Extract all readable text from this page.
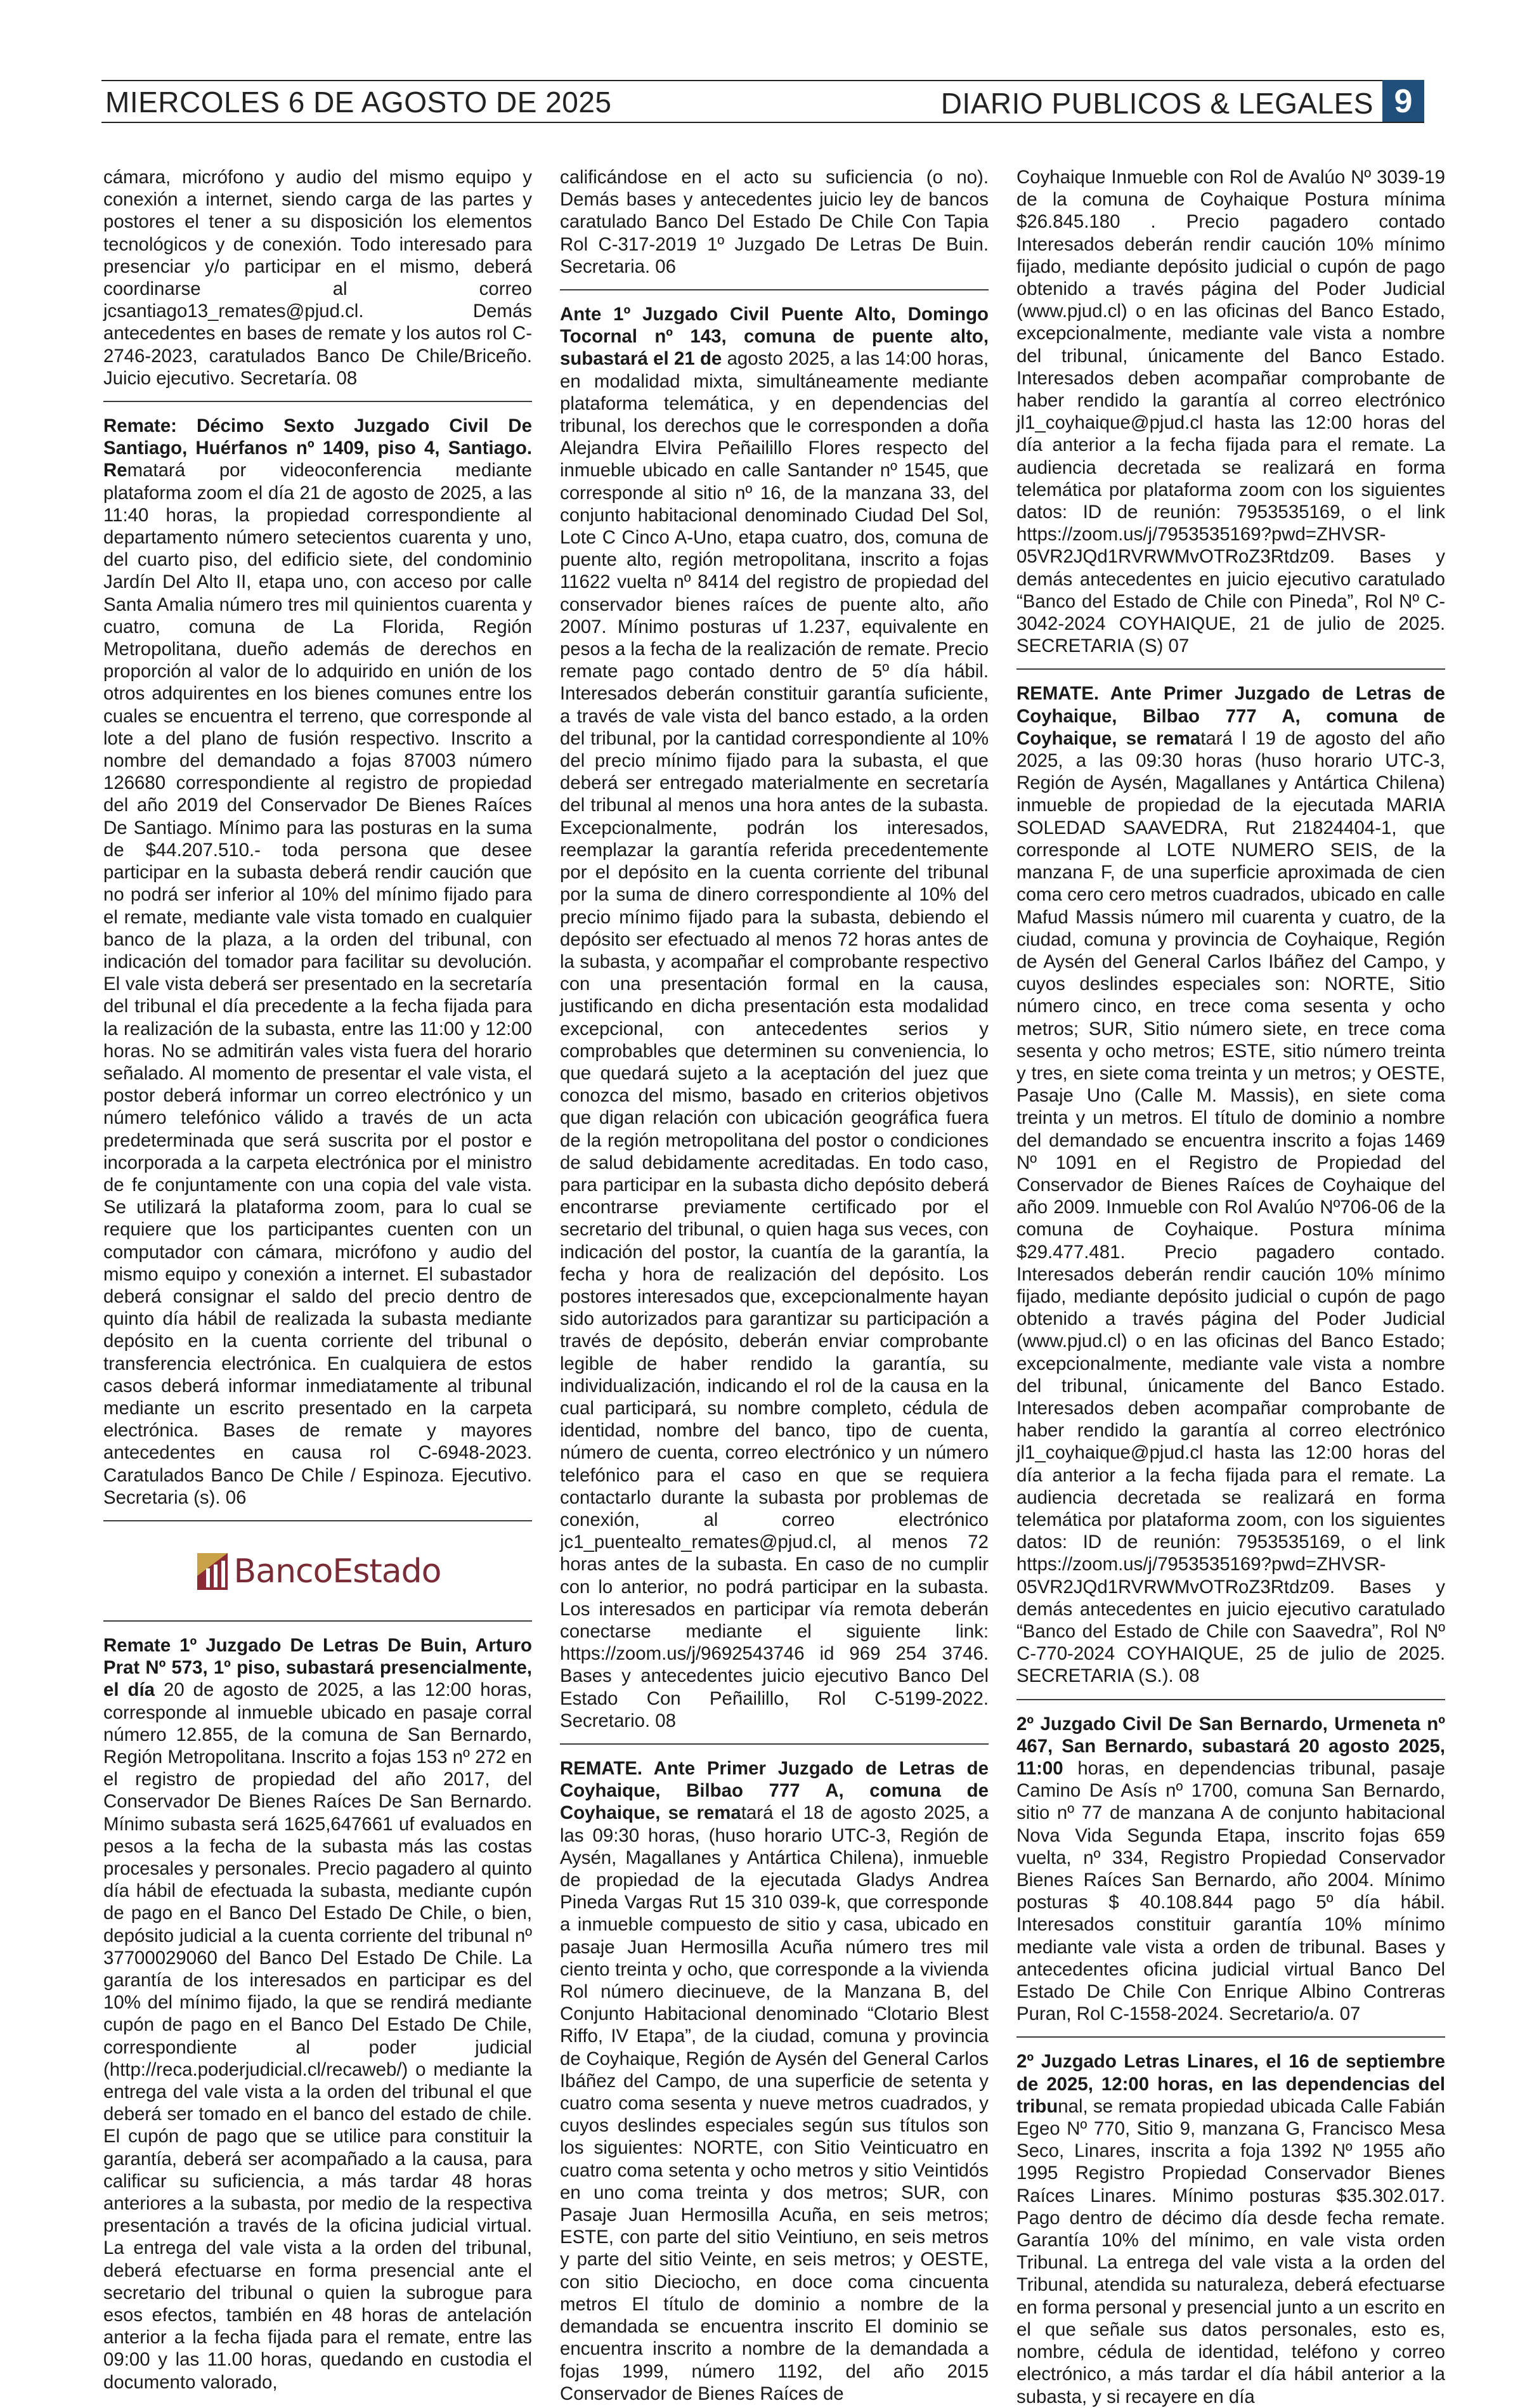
MIERCOLES 6 DE AGOSTO DE 2025	DIARIO PUBLICOS & LEGALES 9

cámara, micrófono y audio del mismo equipo y conexión a internet, siendo carga de las partes y postores el tener a su disposición los elementos tecnológicos y de conexión. Todo interesado para presenciar y/o participar en el mismo, deberá coordinarse al correo jcsantiago13_remates@pjud.cl. Demás antecedentes en bases de remate y los autos rol C-2746-2023, caratulados Banco De Chile/Briceño. Juicio ejecutivo. Secretaría. 08

Remate: Décimo Sexto Juzgado Civil De Santiago, Huérfanos nº 1409, piso 4, Santiago. Rematará por videoconferencia mediante plataforma zoom el día 21 de agosto de 2025, a las 11:40 horas, la propiedad correspondiente al departamento número setecientos cuarenta y uno, del cuarto piso, del edificio siete, del condominio Jardín Del Alto II, etapa uno, con acceso por calle Santa Amalia número tres mil quinientos cuarenta y cuatro, comuna de La Florida, Región Metropolitana, dueño además de derechos en proporción al valor de lo adquirido en unión de los otros adquirentes en los bienes comunes entre los cuales se encuentra el terreno, que corresponde al lote a del plano de fusión respectivo. Inscrito a nombre del demandado a fojas 87003 número 126680 correspondiente al registro de propiedad del año 2019 del Conservador De Bienes Raíces De Santiago. Mínimo para las posturas en la suma de $44.207.510.- toda persona que desee participar en la subasta deberá rendir caución que no podrá ser inferior al 10% del mínimo fijado para el remate, mediante vale vista tomado en cualquier banco de la plaza, a la orden del tribunal, con indicación del tomador para facilitar su devolución. El vale vista deberá ser presentado en la secretaría del tribunal el día precedente a la fecha fijada para la realización de la subasta, entre las 11:00 y 12:00 horas. No se admitirán vales vista fuera del horario señalado. Al momento de presentar el vale vista, el postor deberá informar un correo electrónico y un número telefónico válido a través de un acta predeterminada que será suscrita por el postor e incorporada a la carpeta electrónica por el ministro de fe conjuntamente con una copia del vale vista. Se utilizará la plataforma zoom, para lo cual se requiere que los participantes cuenten con un computador con cámara, micrófono y audio del mismo equipo y conexión a internet. El subastador deberá consignar el saldo del precio dentro de quinto día hábil de realizada la subasta mediante depósito en la cuenta corriente del tribunal o transferencia electrónica. En cualquiera de estos casos deberá informar inmediatamente al tribunal mediante un escrito presentado en la carpeta electrónica. Bases de remate y mayores antecedentes en causa rol C-6948-2023. Caratulados Banco De Chile / Espinoza. Ejecutivo. Secretaria (s). 06

BancoEstado

Remate 1º Juzgado De Letras De Buin, Arturo Prat Nº 573, 1º piso, subastará presencialmente, el día 20 de agosto de 2025, a las 12:00 horas, corresponde al inmueble ubicado en pasaje corral número 12.855, de la comuna de San Bernardo, Región Metropolitana. Inscrito a fojas 153 nº 272 en el registro de propiedad del año 2017, del Conservador De Bienes Raíces De San Bernardo. Mínimo subasta será 1625,647661 uf evaluados en pesos a la fecha de la subasta más las costas procesales y personales. Precio pagadero al quinto día hábil de efectuada la subasta, mediante cupón de pago en el Banco Del Estado De Chile, o bien, depósito judicial a la cuenta corriente del tribunal nº 37700029060 del Banco Del Estado De Chile. La garantía de los interesados en participar es del 10% del mínimo fijado, la que se rendirá mediante cupón de pago en el Banco Del Estado De Chile, correspondiente al poder judicial (http://reca.poderjudicial.cl/recaweb/) o mediante la entrega del vale vista a la orden del tribunal el que deberá ser tomado en el banco del estado de chile. El cupón de pago que se utilice para constituir la garantía, deberá ser acompañado a la causa, para calificar su suficiencia, a más tardar 48 horas anteriores a la subasta, por medio de la respectiva presentación a través de la oficina judicial virtual. La entrega del vale vista a la orden del tribunal, deberá efectuarse en forma presencial ante el secretario del tribunal o quien la subrogue para esos efectos, también en 48 horas de antelación anterior a la fecha fijada para el remate, entre las 09:00 y las 11.00 horas, quedando en custodia el documento valorado,

calificándose en el acto su suficiencia (o no). Demás bases y antecedentes juicio ley de bancos caratulado Banco Del Estado De Chile Con Tapia Rol C-317-2019 1º Juzgado De Letras De Buin. Secretaria. 06

Ante 1º Juzgado Civil Puente Alto, Domingo Tocornal nº 143, comuna de puente alto, subastará el 21 de agosto 2025, a las 14:00 horas, en modalidad mixta, simultáneamente mediante plataforma telemática, y en dependencias del tribunal, los derechos que le corresponden a doña Alejandra Elvira Peñailillo Flores respecto del inmueble ubicado en calle Santander nº 1545, que corresponde al sitio nº 16, de la manzana 33, del conjunto habitacional denominado Ciudad Del Sol, Lote C Cinco A-Uno, etapa cuatro, dos, comuna de puente alto, región metropolitana, inscrito a fojas 11622 vuelta nº 8414 del registro de propiedad del conservador bienes raíces de puente alto, año 2007. Mínimo posturas uf 1.237, equivalente en pesos a la fecha de la realización de remate. Precio remate pago contado dentro de 5º día hábil. Interesados deberán constituir garantía suficiente, a través de vale vista del banco estado, a la orden del tribunal, por la cantidad correspondiente al 10% del precio mínimo fijado para la subasta, el que deberá ser entregado materialmente en secretaría del tribunal al menos una hora antes de la subasta. Excepcionalmente, podrán los interesados, reemplazar la garantía referida precedentemente por el depósito en la cuenta corriente del tribunal por la suma de dinero correspondiente al 10% del precio mínimo fijado para la subasta, debiendo el depósito ser efectuado al menos 72 horas antes de la subasta, y acompañar el comprobante respectivo con una presentación formal en la causa, justificando en dicha presentación esta modalidad excepcional, con antecedentes serios y comprobables que determinen su conveniencia, lo que quedará sujeto a la aceptación del juez que conozca del mismo, basado en criterios objetivos que digan relación con ubicación geográfica fuera de la región metropolitana del postor o condiciones de salud debidamente acreditadas. En todo caso, para participar en la subasta dicho depósito deberá encontrarse previamente certificado por el secretario del tribunal, o quien haga sus veces, con indicación del postor, la cuantía de la garantía, la fecha y hora de realización del depósito. Los postores interesados que, excepcionalmente hayan sido autorizados para garantizar su participación a través de depósito, deberán enviar comprobante legible de haber rendido la garantía, su individualización, indicando el rol de la causa en la cual participará, su nombre completo, cédula de identidad, nombre del banco, tipo de cuenta, número de cuenta, correo electrónico y un número telefónico para el caso en que se requiera contactarlo durante la subasta por problemas de conexión, al correo electrónico jc1_puentealto_remates@pjud.cl, al menos 72 horas antes de la subasta. En caso de no cumplir con lo anterior, no podrá participar en la subasta. Los interesados en participar vía remota deberán conectarse mediante el siguiente link: https://zoom.us/j/9692543746 id 969 254 3746. Bases y antecedentes juicio ejecutivo Banco Del Estado Con Peñailillo, Rol C-5199-2022. Secretario. 08

REMATE. Ante Primer Juzgado de Letras de Coyhaique, Bilbao 777 A, comuna de Coyhaique, se rematará el 18 de agosto 2025, a las 09:30 horas, (huso horario UTC-3, Región de Aysén, Magallanes y Antártica Chilena), inmueble de propiedad de la ejecutada Gladys Andrea Pineda Vargas Rut 15 310 039-k, que corresponde a inmueble compuesto de sitio y casa, ubicado en pasaje Juan Hermosilla Acuña número tres mil ciento treinta y ocho, que corresponde a la vivienda Rol número diecinueve, de la Manzana B, del Conjunto Habitacional denominado “Clotario Blest Riffo, IV Etapa”, de la ciudad, comuna y provincia de Coyhaique, Región de Aysén del General Carlos Ibáñez del Campo, de una superficie de setenta y cuatro coma sesenta y nueve metros cuadrados, y cuyos deslindes especiales según sus títulos son los siguientes: NORTE, con Sitio Veinticuatro en cuatro coma setenta y ocho metros y sitio Veintidós en uno coma treinta y dos metros; SUR, con Pasaje Juan Hermosilla Acuña, en seis metros; ESTE, con parte del sitio Veintiuno, en seis metros y parte del sitio Veinte, en seis metros; y OESTE, con sitio Dieciocho, en doce coma cincuenta metros El título de dominio a nombre de la demandada se encuentra inscrito El dominio se encuentra inscrito a nombre de la demandada a fojas 1999, número 1192, del año 2015 Conservador de Bienes Raíces de

Coyhaique Inmueble con Rol de Avalúo Nº 3039-19 de la comuna de Coyhaique Postura mínima $26.845.180 . Precio pagadero contado Interesados deberán rendir caución 10% mínimo fijado, mediante depósito judicial o cupón de pago obtenido a través página del Poder Judicial (www.pjud.cl) o en las oficinas del Banco Estado, excepcionalmente, mediante vale vista a nombre del tribunal, únicamente del Banco Estado. Interesados deben acompañar comprobante de haber rendido la garantía al correo electrónico jl1_coyhaique@pjud.cl hasta las 12:00 horas del día anterior a la fecha fijada para el remate. La audiencia decretada se realizará en forma telemática por plataforma zoom con los siguientes datos: ID de reunión: 7953535169, o el link https://zoom.us/j/7953535169?pwd=ZHVSR-05VR2JQd1RVRWMvOTRoZ3Rtdz09. Bases y demás antecedentes en juicio ejecutivo caratulado “Banco del Estado de Chile con Pineda”, Rol Nº C-3042-2024 COYHAIQUE, 21 de julio de 2025. SECRETARIA (S) 07

REMATE. Ante Primer Juzgado de Letras de Coyhaique, Bilbao 777 A, comuna de Coyhaique, se rematará l 19 de agosto del año 2025, a las 09:30 horas (huso horario UTC-3, Región de Aysén, Magallanes y Antártica Chilena) inmueble de propiedad de la ejecutada MARIA SOLEDAD SAAVEDRA, Rut 21824404-1, que corresponde al LOTE NUMERO SEIS, de la manzana F, de una superficie aproximada de cien coma cero cero metros cuadrados, ubicado en calle Mafud Massis número mil cuarenta y cuatro, de la ciudad, comuna y provincia de Coyhaique, Región de Aysén del General Carlos Ibáñez del Campo, y cuyos deslindes especiales son: NORTE, Sitio número cinco, en trece coma sesenta y ocho metros; SUR, Sitio número siete, en trece coma sesenta y ocho metros; ESTE, sitio número treinta y tres, en siete coma treinta y un metros; y OESTE, Pasaje Uno (Calle M. Massis), en siete coma treinta y un metros. El título de dominio a nombre del demandado se encuentra inscrito a fojas 1469 Nº 1091 en el Registro de Propiedad del Conservador de Bienes Raíces de Coyhaique del año 2009. Inmueble con Rol Avalúo Nº706-06 de la comuna de Coyhaique. Postura mínima $29.477.481. Precio pagadero contado. Interesados deberán rendir caución 10% mínimo fijado, mediante depósito judicial o cupón de pago obtenido a través página del Poder Judicial (www.pjud.cl) o en las oficinas del Banco Estado; excepcionalmente, mediante vale vista a nombre del tribunal, únicamente del Banco Estado. Interesados deben acompañar comprobante de haber rendido la garantía al correo electrónico jl1_coyhaique@pjud.cl hasta las 12:00 horas del día anterior a la fecha fijada para el remate. La audiencia decretada se realizará en forma telemática por plataforma zoom, con los siguientes datos: ID de reunión: 7953535169, o el link https://zoom.us/j/7953535169?pwd=ZHVSR-05VR2JQd1RVRWMvOTRoZ3Rtdz09. Bases y demás antecedentes en juicio ejecutivo caratulado “Banco del Estado de Chile con Saavedra”, Rol Nº C-770-2024 COYHAIQUE, 25 de julio de 2025. SECRETARIA (S.). 08

2º Juzgado Civil De San Bernardo, Urmeneta nº 467, San Bernardo, subastará 20 agosto 2025, 11:00 horas, en dependencias tribunal, pasaje Camino De Asís nº 1700, comuna San Bernardo, sitio nº 77 de manzana A de conjunto habitacional Nova Vida Segunda Etapa, inscrito fojas 659 vuelta, nº 334, Registro Propiedad Conservador Bienes Raíces San Bernardo, año 2004. Mínimo posturas $ 40.108.844 pago 5º día hábil. Interesados constituir garantía 10% mínimo mediante vale vista a orden de tribunal. Bases y antecedentes oficina judicial virtual Banco Del Estado De Chile Con Enrique Albino Contreras Puran, Rol C-1558-2024. Secretario/a. 07

2º Juzgado Letras Linares, el 16 de septiembre de 2025, 12:00 horas, en las dependencias del tribunal, se remata propiedad ubicada Calle Fabián Egeo Nº 770, Sitio 9, manzana G, Francisco Mesa Seco, Linares, inscrita a foja 1392 Nº 1955 año 1995 Registro Propiedad Conservador Bienes Raíces Linares. Mínimo posturas $35.302.017. Pago dentro de décimo día desde fecha remate. Garantía 10% del mínimo, en vale vista orden Tribunal. La entrega del vale vista a la orden del Tribunal, atendida su naturaleza, deberá efectuarse en forma personal y presencial junto a un escrito en el que señale sus datos personales, esto es, nombre, cédula de identidad, teléfono y correo electrónico, a más tardar el día hábil anterior a la subasta, y si recayere en día
